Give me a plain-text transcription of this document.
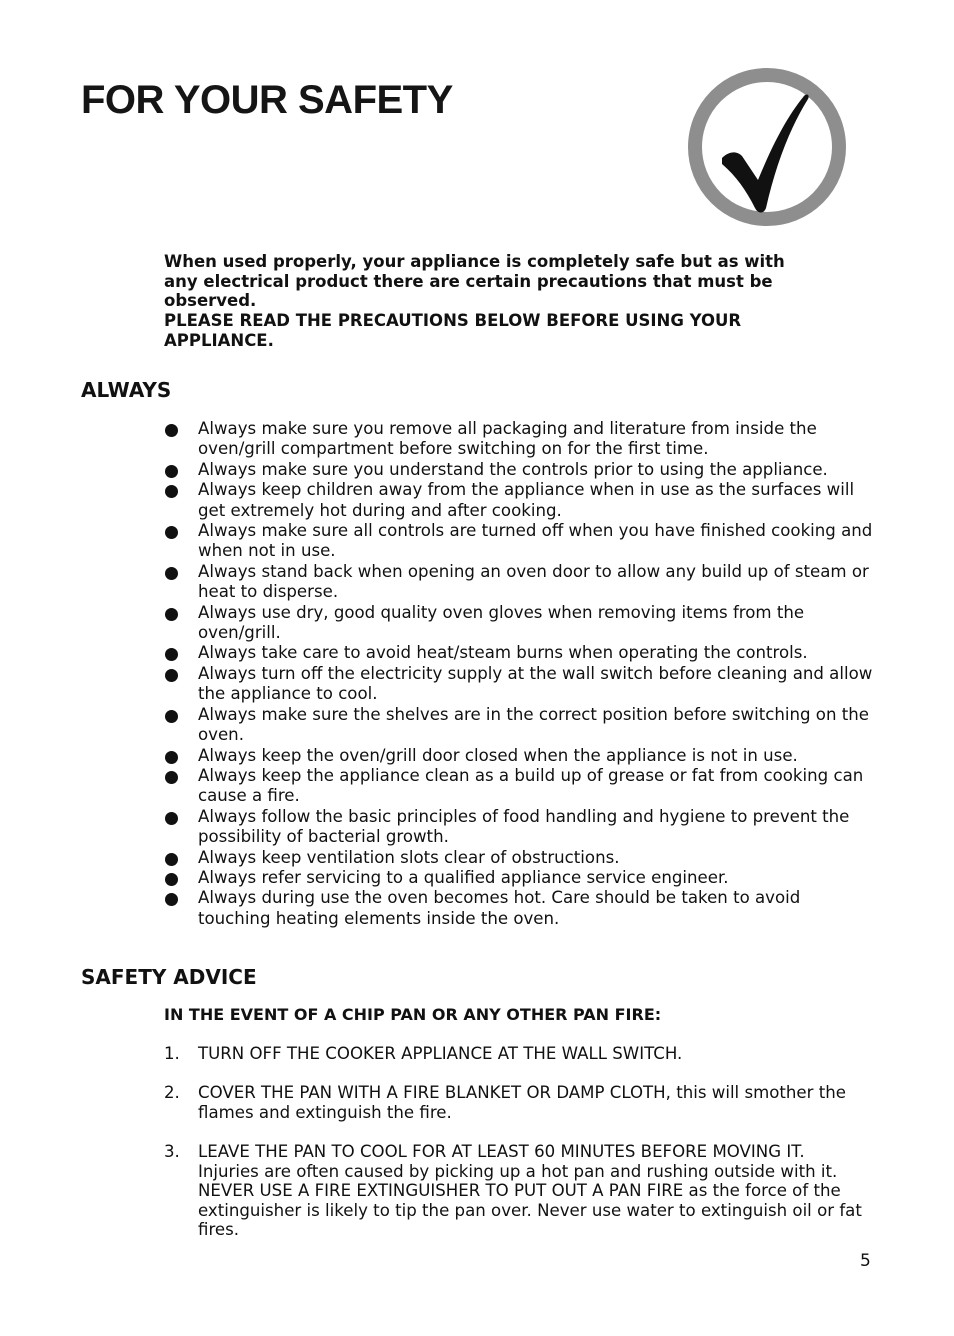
FOR YOUR SAFETY

When used properly, your appliance is completely safe but as with any electrical product there are certain precautions that must be observed.

PLEASE READ THE PRECAUTIONS BELOW BEFORE USING YOUR APPLIANCE.

ALWAYS
Always make sure you remove all packaging and literature from inside the oven/grill compartment before switching on for the first time.
Always make sure you understand the controls prior to using the appliance.
Always keep children away from the appliance when in use as the surfaces will get extremely hot during and after cooking.
Always make sure all controls are turned off when you have finished cooking and when not in use.
Always stand back when opening an oven door to allow any build up of steam or heat to disperse.
Always use dry, good quality oven gloves when removing items from the oven/grill.
Always take care to avoid heat/steam burns when operating the controls.
Always turn off the electricity supply at the wall switch before cleaning and allow the appliance to cool.
Always make sure the shelves are in the correct position before switching on the oven.
Always keep the oven/grill door closed when the appliance is not in use.
Always keep the appliance clean as a build up of grease or fat from cooking can cause a fire.
Always follow the basic principles of food handling and hygiene to prevent the possibility of bacterial growth.
Always keep ventilation slots clear of obstructions.
Always refer servicing to a qualified appliance service engineer.
Always during use the oven becomes hot. Care should be taken to avoid touching heating elements inside the oven.
SAFETY ADVICE

IN THE EVENT OF A CHIP PAN OR ANY OTHER PAN FIRE:

1. TURN OFF THE COOKER APPLIANCE AT THE WALL SWITCH.
2. COVER THE PAN WITH A FIRE BLANKET OR DAMP CLOTH, this will smother the flames and extinguish the fire.
3. LEAVE THE PAN TO COOL FOR AT LEAST 60 MINUTES BEFORE MOVING IT. Injuries are often caused by picking up a hot pan and rushing outside with it. NEVER USE A FIRE EXTINGUISHER TO PUT OUT A PAN FIRE as the force of the extinguisher is likely to tip the pan over. Never use water to extinguish oil or fat fires.

5
